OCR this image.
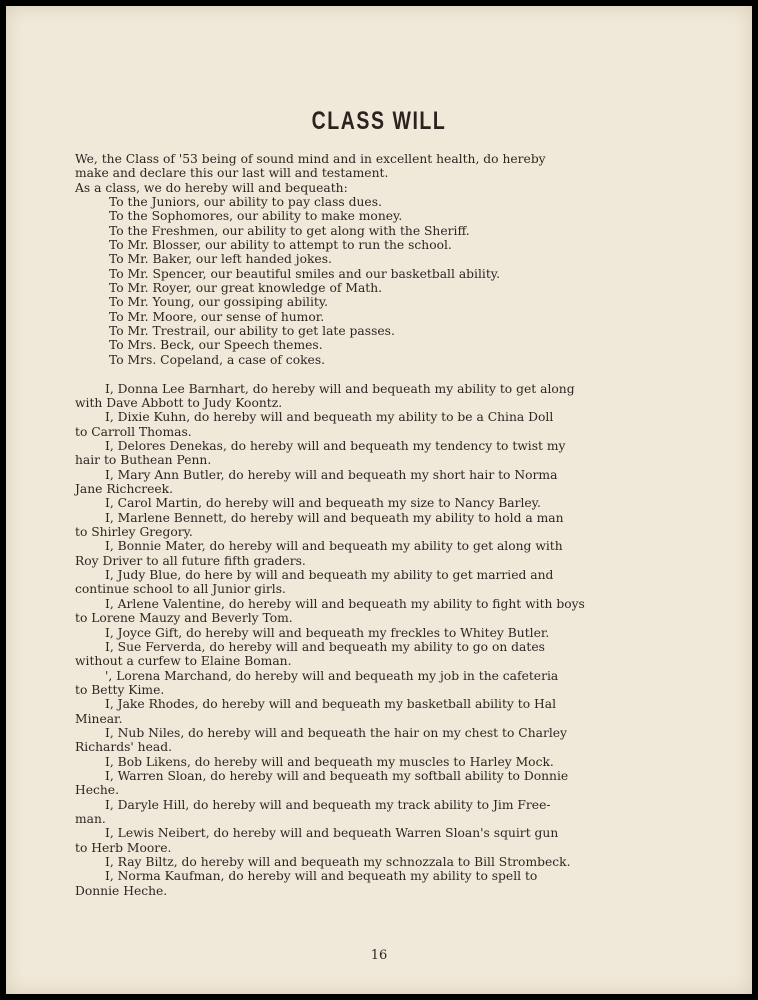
CLASS WILL
We, the Class of '53 being of sound mind and in excellent health, do hereby
make and declare this our last will and testament.
As a class, we do hereby will and bequeath:
To the Juniors, our ability to pay class dues.
To the Sophomores, our ability to make money.
To the Freshmen, our ability to get along with the Sheriff.
To Mr. Blosser, our ability to attempt to run the school.
To Mr. Baker, our left handed jokes.
To Mr. Spencer, our beautiful smiles and our basketball ability.
To Mr. Royer, our great knowledge of Math.
To Mr. Young, our gossiping ability.
To Mr. Moore, our sense of humor.
To Mr. Trestrail, our ability to get late passes.
To Mrs. Beck, our Speech themes.
To Mrs. Copeland, a case of cokes.
I, Donna Lee Barnhart, do hereby will and bequeath my ability to get along
with Dave Abbott to Judy Koontz.
I, Dixie Kuhn, do hereby will and bequeath my ability to be a China Doll
to Carroll Thomas.
I, Delores Denekas, do hereby will and bequeath my tendency to twist my
hair to Buthean Penn.
I, Mary Ann Butler, do hereby will and bequeath my short hair to Norma
Jane Richcreek.
I, Carol Martin, do hereby will and bequeath my size to Nancy Barley.
I, Marlene Bennett, do hereby will and bequeath my ability to hold a man
to Shirley Gregory.
I, Bonnie Mater, do hereby will and bequeath my ability to get along with
Roy Driver to all future fifth graders.
I, Judy Blue, do here by will and bequeath my ability to get married and
continue school to all Junior girls.
I, Arlene Valentine, do hereby will and bequeath my ability to fight with boys
to Lorene Mauzy and Beverly Tom.
I, Joyce Gift, do hereby will and bequeath my freckles to Whitey Butler.
I, Sue Ferverda, do hereby will and bequeath my ability to go on dates
without a curfew to Elaine Boman.
', Lorena Marchand, do hereby will and bequeath my job in the cafeteria
to Betty Kime.
I, Jake Rhodes, do hereby will and bequeath my basketball ability to Hal
Minear.
I, Nub Niles, do hereby will and bequeath the hair on my chest to Charley
Richards' head.
I, Bob Likens, do hereby will and bequeath my muscles to Harley Mock.
I, Warren Sloan, do hereby will and bequeath my softball ability to Donnie
Heche.
I, Daryle Hill, do hereby will and bequeath my track ability to Jim Free-
man.
I, Lewis Neibert, do hereby will and bequeath Warren Sloan's squirt gun
to Herb Moore.
I, Ray Biltz, do hereby will and bequeath my schnozzala to Bill Strombeck.
I, Norma Kaufman, do hereby will and bequeath my ability to spell to
Donnie Heche.
16
